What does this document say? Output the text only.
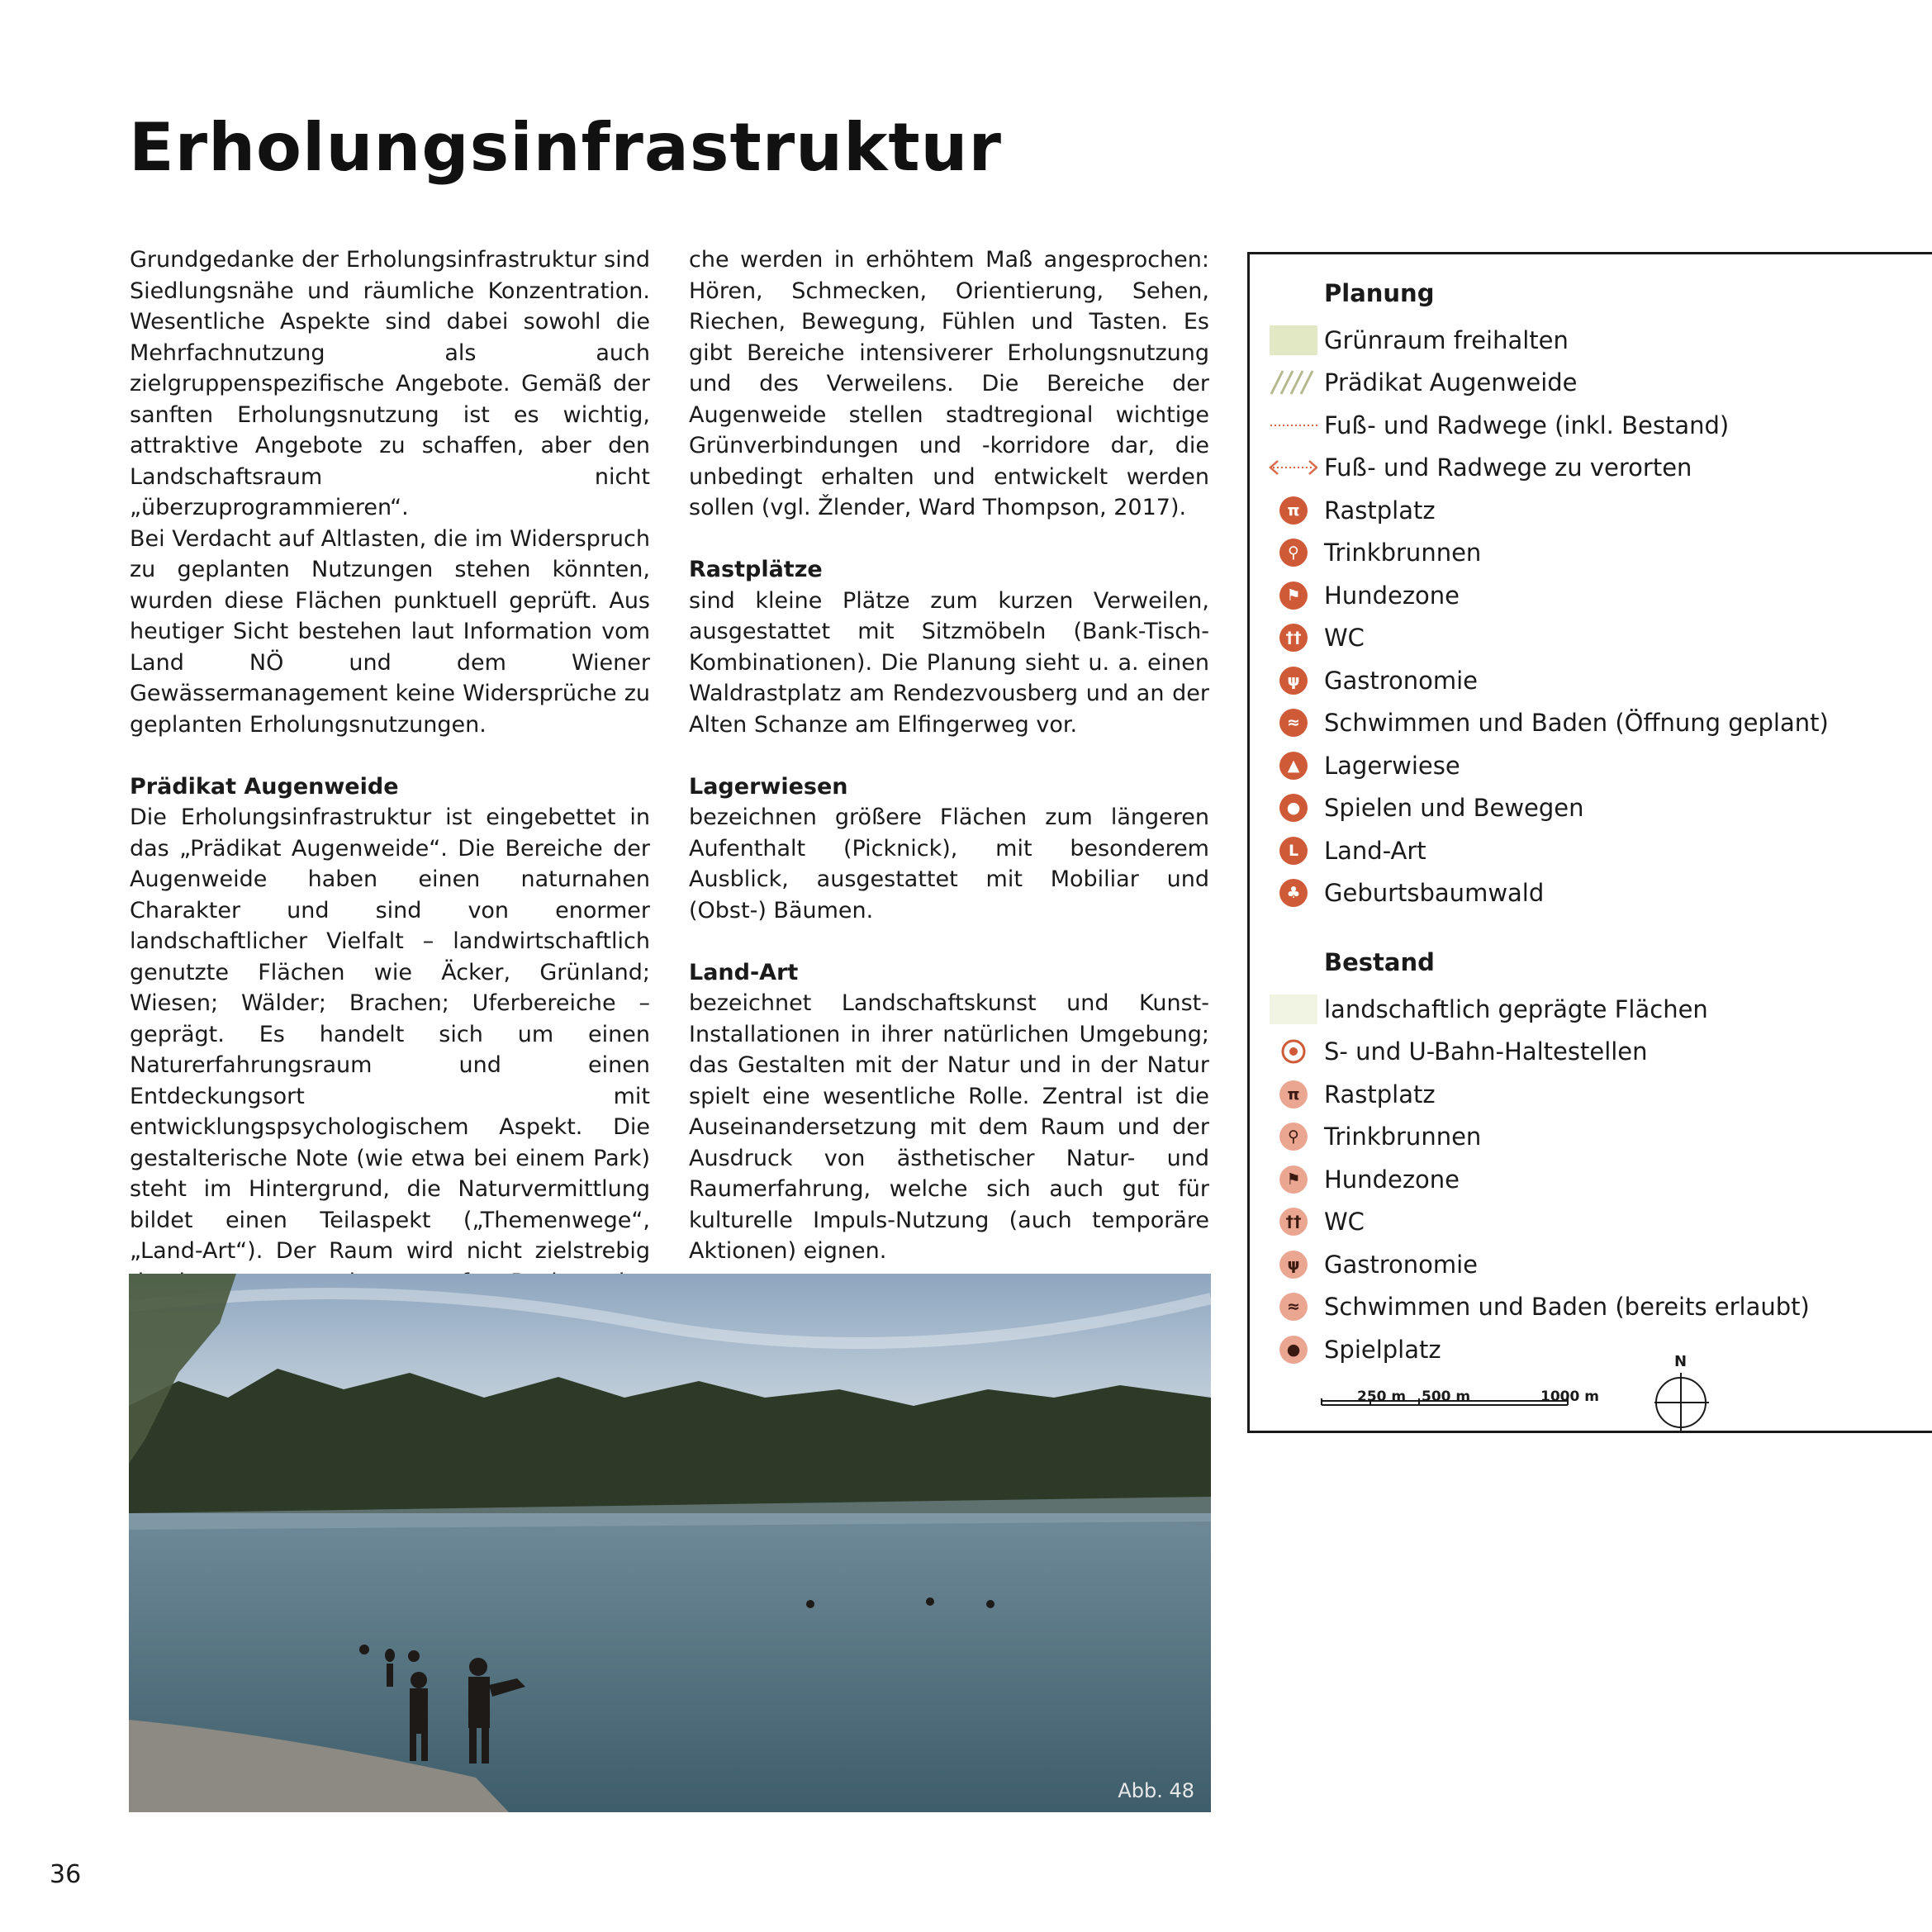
Erholungsinfrastruktur

Grundgedanke der Erholungsinfrastruktur sind Siedlungsnähe und räumliche Konzentration. Wesentliche Aspekte sind dabei sowohl die Mehrfachnutzung als auch zielgruppenspezifische Angebote. Gemäß der sanften Erholungsnutzung ist es wichtig, attraktive Angebote zu schaffen, aber den Landschaftsraum nicht „überzuprogrammieren“.

Bei Verdacht auf Altlasten, die im Widerspruch zu geplanten Nutzungen stehen könnten, wurden diese Flächen punktuell geprüft. Aus heutiger Sicht bestehen laut Information vom Land NÖ und dem Wiener Gewässermanagement keine Widersprüche zu geplanten Erholungsnutzungen.

Prädikat Augenweide

Die Erholungsinfrastruktur ist eingebettet in das „Prädikat Augenweide“. Die Bereiche der Augenweide haben einen naturnahen Charakter und sind von enormer landschaftlicher Vielfalt – landwirtschaftlich genutzte Flächen wie Äcker, Grünland; Wiesen; Wälder; Brachen; Uferbereiche – geprägt. Es handelt sich um einen Naturerfahrungsraum und einen Entdeckungsort mit entwicklungspsychologischem Aspekt. Die gestalterische Note (wie etwa bei einem Park) steht im Hintergrund, die Naturvermittlung bildet einen Teilaspekt („Themenwege“, „Land-Art“). Der Raum wird nicht zielstrebig

che werden in erhöhtem Maß angesprochen: Hören, Schmecken, Orientierung, Sehen, Riechen, Bewegung, Fühlen und Tasten. Es gibt Bereiche intensiverer Erholungsnutzung und des Verweilens. Die Bereiche der Augenweide stellen stadtregional wichtige Grünverbindungen und -korridore dar, die unbedingt erhalten und entwickelt werden sollen (vgl. Žlender, Ward Thompson, 2017).

Rastplätze

sind kleine Plätze zum kurzen Verweilen, ausgestattet mit Sitzmöbeln (Bank-Tisch-Kombinationen). Die Planung sieht u. a. einen Waldrastplatz am Rendezvousberg und an der Alten Schanze am Elfingerweg vor.

Lagerwiesen

bezeichnen größere Flächen zum längeren Aufenthalt (Picknick), mit besonderem Ausblick, ausgestattet mit Mobiliar und (Obst-) Bäumen.

Land-Art

bezeichnet Landschaftskunst und Kunst-Installationen in ihrer natürlichen Umgebung; das Gestalten mit der Natur und in der Natur spielt eine wesentliche Rolle. Zentral ist die Auseinandersetzung mit dem Raum und der Ausdruck von ästhetischer Natur- und Raumerfahrung, welche sich auch gut für kulturelle Impuls-Nutzung (auch temporäre Aktionen) eignen.

Abb. 48
36
Planung
Grünraum freihalten
Prädikat Augenweide
Fuß- und Radwege (inkl. Bestand)
Fuß- und Radwege zu verorten
π	Rastplatz
⚲	Trinkbrunnen
⚑ Hundezone
†† WC
ψ	Gastronomie
≈	Schwimmen und Baden (Öffnung geplant)
▲	Lagerwiese
● Spielen und Bewegen
L	Land-Art
♣ Geburtsbaumwald
Bestand
landschaftlich geprägte Flächen
S- und U-Bahn-Haltestellen
π	Rastplatz
⚲	Trinkbrunnen
⚑ Hundezone
†† WC
ψ	Gastronomie
≈	Schwimmen und Baden (bereits erlaubt)
● Spielplatz
250 m 500 m	1000 m
N
